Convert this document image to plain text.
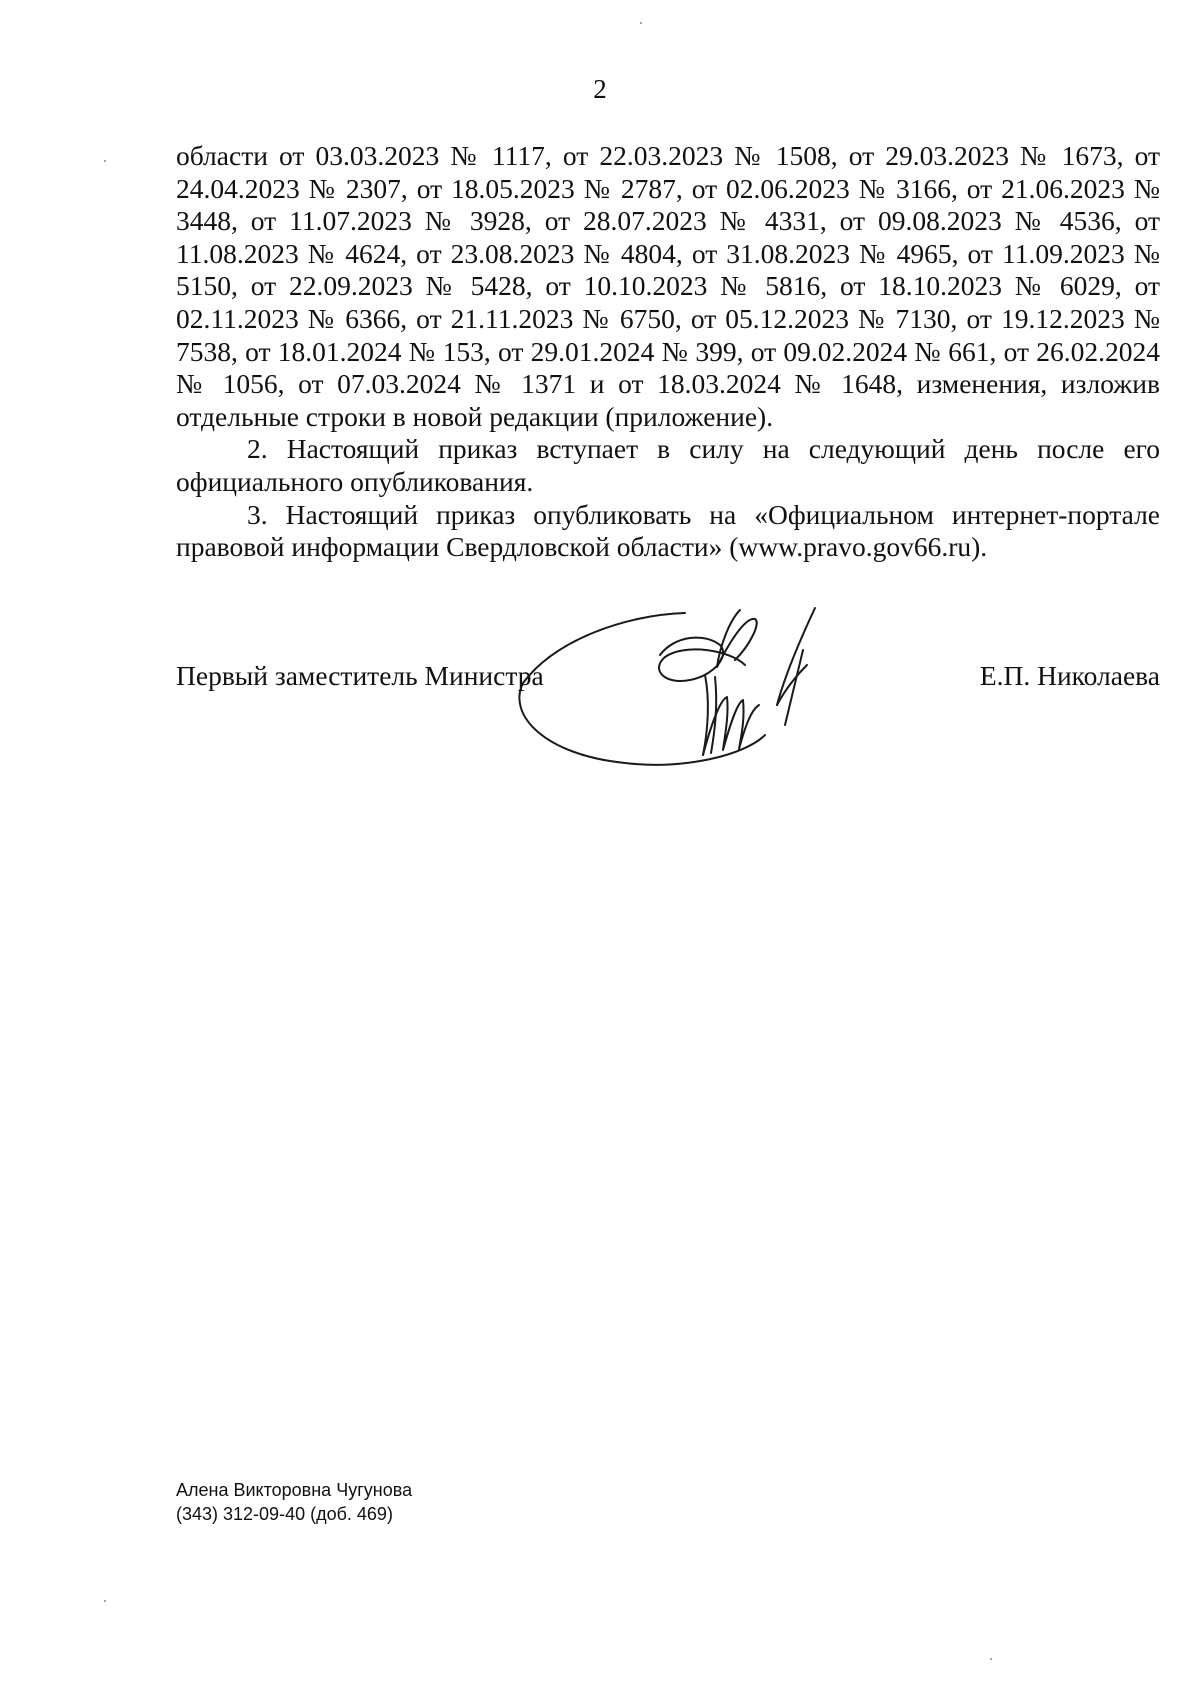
2

области от 03.03.2023 № 1117, от 22.03.2023 № 1508, от 29.03.2023 № 1673, от 24.04.2023 № 2307, от 18.05.2023 № 2787, от 02.06.2023 № 3166, от 21.06.2023 № 3448, от 11.07.2023 № 3928, от 28.07.2023 № 4331, от 09.08.2023 № 4536, от 11.08.2023 № 4624, от 23.08.2023 № 4804, от 31.08.2023 № 4965, от 11.09.2023 № 5150, от 22.09.2023 № 5428, от 10.10.2023 № 5816, от 18.10.2023 № 6029, от 02.11.2023 № 6366, от 21.11.2023 № 6750, от 05.12.2023 № 7130, от 19.12.2023 № 7538, от 18.01.2024 № 153, от 29.01.2024 № 399, от 09.02.2024 № 661, от 26.02.2024 № 1056, от 07.03.2024 № 1371 и от 18.03.2024 № 1648, изменения, изложив отдельные строки в новой редакции (приложение).

2. Настоящий приказ вступает в силу на следующий день после его официального опубликования.

3. Настоящий приказ опубликовать на «Официальном интернет-портале правовой информации Свердловской области» (www.pravo.gov66.ru).

Первый заместитель Министра	Е.П. Николаева
Алена Викторовна Чугунова
(343) 312-09-40 (доб. 469)
